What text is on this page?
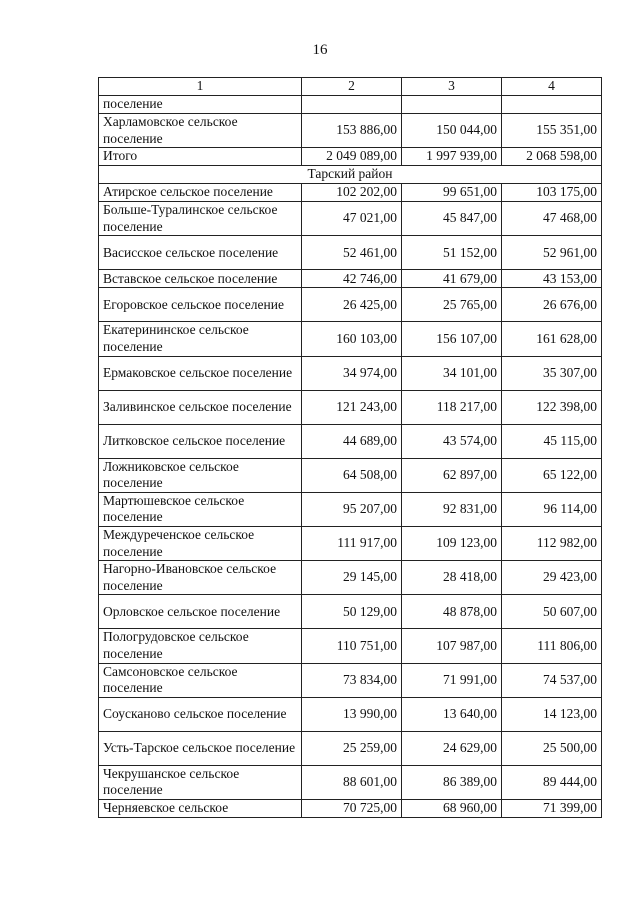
16
1	2	3	4
поселение			
Харламовское сельское поселение	153 886,00	150 044,00	155 351,00
Итого	2 049 089,00	1 997 939,00	2 068 598,00
Тарский район			
Атирское сельское поселение	102 202,00	99 651,00	103 175,00
Больше-Туралинское сельское поселение	47 021,00	45 847,00	47 468,00
Васисское сельское поселение	52 461,00	51 152,00	52 961,00
Вставское сельское поселение	42 746,00	41 679,00	43 153,00
Егоровское сельское поселение	26 425,00	25 765,00	26 676,00
Екатерининское сельское поселение	160 103,00	156 107,00	161 628,00
Ермаковское сельское поселение	34 974,00	34 101,00	35 307,00
Заливинское сельское поселение	121 243,00	118 217,00	122 398,00
Литковское сельское поселение	44 689,00	43 574,00	45 115,00
Ложниковское сельское поселение	64 508,00	62 897,00	65 122,00
Мартюшевское сельское поселение	95 207,00	92 831,00	96 114,00
Междуреченское сельское поселение	111 917,00	109 123,00	112 982,00
Нагорно-Ивановское сельское поселение	29 145,00	28 418,00	29 423,00
Орловское сельское поселение	50 129,00	48 878,00	50 607,00
Пологрудовское сельское поселение	110 751,00	107 987,00	111 806,00
Самсоновское сельское поселение	73 834,00	71 991,00	74 537,00
Соусканово сельское поселение	13 990,00	13 640,00	14 123,00
Усть-Тарское сельское поселение	25 259,00	24 629,00	25 500,00
Чекрушанское сельское поселение	88 601,00	86 389,00	89 444,00
Черняевское сельское	70 725,00	68 960,00	71 399,00
